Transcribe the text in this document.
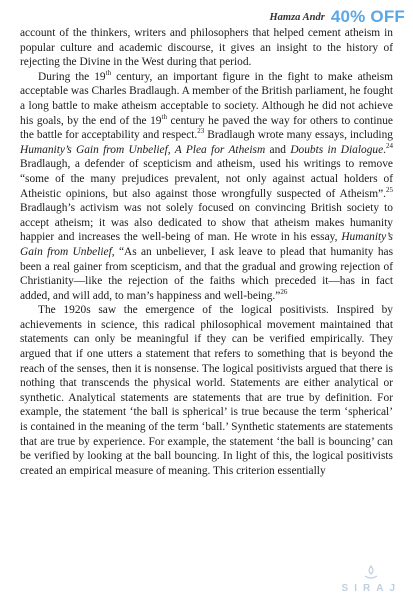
Hamza Andr 40% OFF

account of the thinkers, writers and philosophers that helped cement atheism in popular culture and academic discourse, it gives an insight to the history of rejecting the Divine in the West during that period.

During the 19th century, an important figure in the fight to make atheism acceptable was Charles Bradlaugh. A member of the British parliament, he fought a long battle to make atheism acceptable to society. Although he did not achieve his goals, by the end of the 19th century he paved the way for others to continue the battle for acceptability and respect.$^{23}$ Bradlaugh wrote many essays, including Humanity’s Gain from Unbelief, A Plea for Atheism and Doubts in Dialogue.$^{24}$ Bradlaugh, a defender of scepticism and atheism, used his writings to remove “some of the many prejudices prevalent, not only against actual holders of Atheistic opinions, but also against those wrongfully suspected of Atheism”.$^{25}$ Bradlaugh’s activism was not solely focused on convincing British society to accept atheism; it was also dedicated to show that atheism makes humanity happier and increases the well-being of man. He wrote in his essay, Humanity’s Gain from Unbelief, “As an unbeliever, I ask leave to plead that humanity has been a real gainer from scepticism, and that the gradual and growing rejection of Christianity—like the rejection of the faiths which preceded it—has in fact added, and will add, to man’s happiness and well-being.”$^{26}$

The 1920s saw the emergence of the logical positivists. Inspired by achievements in science, this radical philosophical movement maintained that statements can only be meaningful if they can be verified empirically. They argued that if one utters a statement that refers to something that is beyond the reach of the senses, then it is nonsense. The logical positivists argued that there is nothing that transcends the physical world. Statements are either analytical or synthetic. Analytical statements are statements that are true by definition. For example, the statement ‘the ball is spherical’ is true because the term ‘spherical’ is contained in the meaning of the term ‘ball.’ Synthetic statements are statements that are true by experience. For example, the statement ‘the ball is bouncing’ can be verified by looking at the ball bouncing. In light of this, the logical positivists created an empirical measure of meaning. This criterion essentially

SIRAJ
